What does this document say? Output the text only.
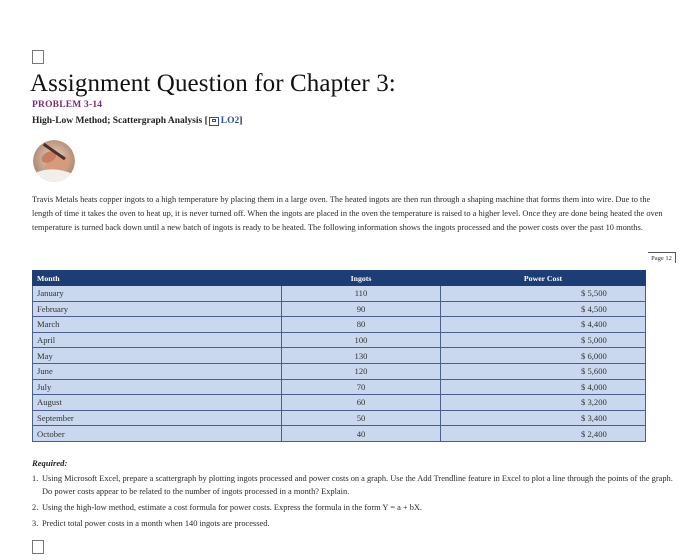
Assignment Question for Chapter 3:
PROBLEM 3-14
High-Low Method; Scattergraph Analysis [ LO2 ]
Travis Metals heats copper ingots to a high temperature by placing them in a large oven. The heated ingots are then run through a shaping machine that forms them into wire. Due to the length of time it takes the oven to heat up, it is never turned off. When the ingots are placed in the oven the temperature is raised to a higher level. Once they are done being heated the oven temperature is turned back down until a new batch of ingots is ready to be heated. The following information shows the ingots processed and the power costs over the past 10 months.
Page 12
Month	Ingots	Power Cost
January	110	$ 5,500
February	90	$ 4,500
March	80	$ 4,400
April	100	$ 5,000
May	130	$ 6,000
June	120	$ 5,600
July	70	$ 4,000
August	60	$ 3,200
September	50	$ 3,400
October	40	$ 2,400
Required:
1. Using Microsoft Excel, prepare a scattergraph by plotting ingots processed and power costs on a graph. Use the Add Trendline feature in Excel to plot a line through the points of the graph. Do power costs appear to be related to the number of ingots processed in a month? Explain.
2. Using the high-low method, estimate a cost formula for power costs. Express the formula in the form Y = a + bX.
3. Predict total power costs in a month when 140 ingots are processed.
